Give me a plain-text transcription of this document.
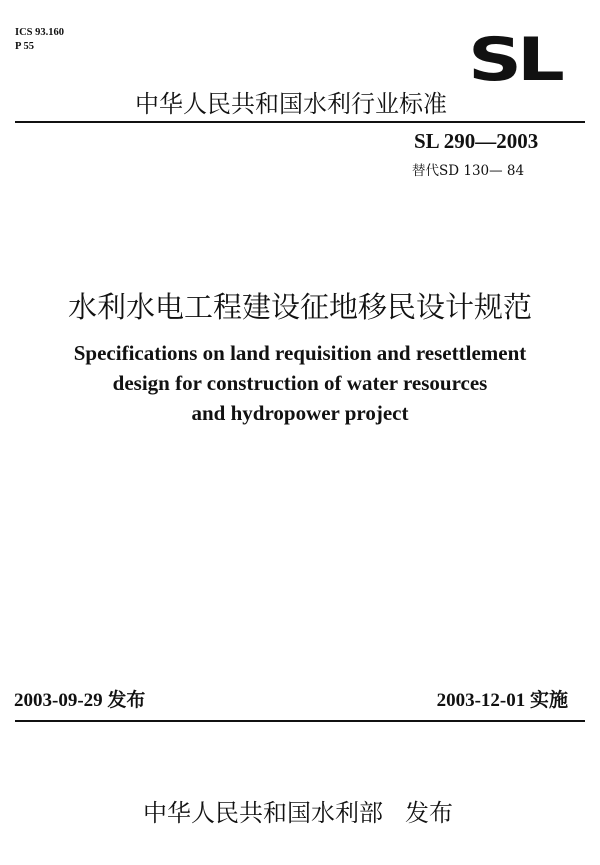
ICS 93.160
P 55	SL
中华人民共和国水利行业标准
SL 290—2003
替代SD 130— 84
水利水电工程建设征地移民设计规范
Specifications on land requisition and resettlement
design for construction of water resources
and hydropower project
2003-09-29 发布	2003-12-01 实施
中华人民共和国水利部 发布
